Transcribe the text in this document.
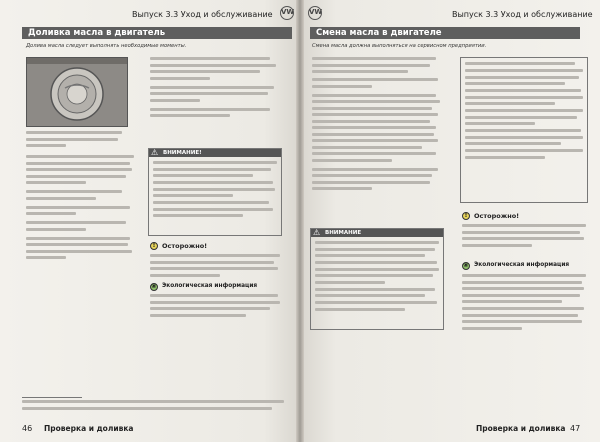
Выпуск 3.3 Уход и обслуживание VW
Доливка масла в двигатель
Долива масла следует выполнять необходимые моменты.
ВНИМАНИЕ!
⚠
!	Осторожно!
❀ Экологическая информация
46 Проверка и доливка
VW	Выпуск 3.3 Уход и обслуживание
Смена масла в двигателе
Смена масла должна выполняться на сервисном предприятии.
ВНИМАНИЕ
⚠
!	Осторожно!
❀ Экологическая информация
Проверка и доливка 47
